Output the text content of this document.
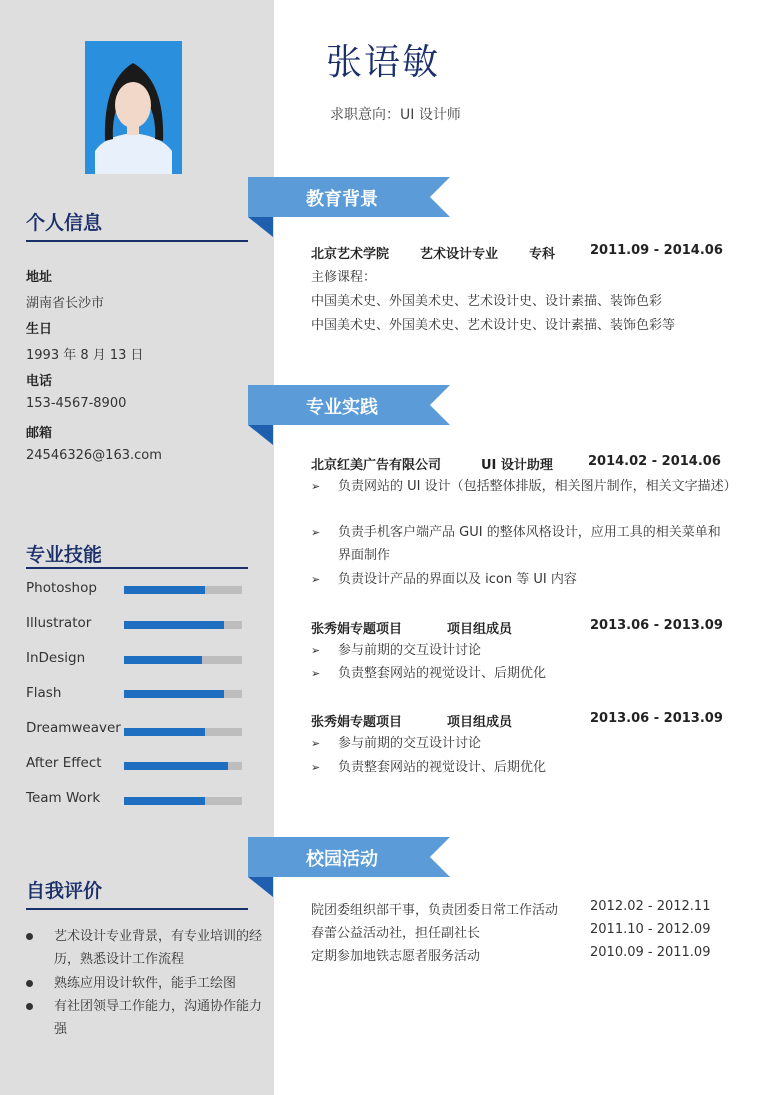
个人信息
地址
湖南省长沙市
生日
1993 年 8 月 13 日
电话
153-4567-8900
邮箱
24546326@163.com
专业技能
Photoshop
Illustrator
InDesign
Flash
Dreamweaver
After Effect
Team Work
自我评价
艺术设计专业背景，有专业培训的经历，熟悉设计工作流程
熟练应用设计软件，能手工绘图
有社团领导工作能力，沟通协作能力强
张语敏
求职意向：UI 设计师
教育背景
北京艺术学院 艺术设计专业 专科	2011.09 - 2014.06
主修课程：
中国美术史、外国美术史、艺术设计史、设计素描、装饰色彩
中国美术史、外国美术史、艺术设计史、设计素描、装饰色彩等
专业实践
北京红美广告有限公司	UI 设计助理	2014.02 - 2014.06
➢ 负责网站的 UI 设计（包括整体排版，相关图片制作，相关文字描述）
➢ 负责手机客户端产品 GUI 的整体风格设计，应用工具的相关菜单和界面制作
➢ 负责设计产品的界面以及 icon 等 UI 内容
张秀娟专题项目	项目组成员	2013.06 - 2013.09
➢ 参与前期的交互设计讨论
➢ 负责整套网站的视觉设计、后期优化
张秀娟专题项目	项目组成员	2013.06 - 2013.09
➢ 参与前期的交互设计讨论
➢ 负责整套网站的视觉设计、后期优化
校园活动
院团委组织部干事，负责团委日常工作活动 2012.02 - 2012.11
春蕾公益活动社，担任副社长	2011.10 - 2012.09
定期参加地铁志愿者服务活动	2010.09 - 2011.09
